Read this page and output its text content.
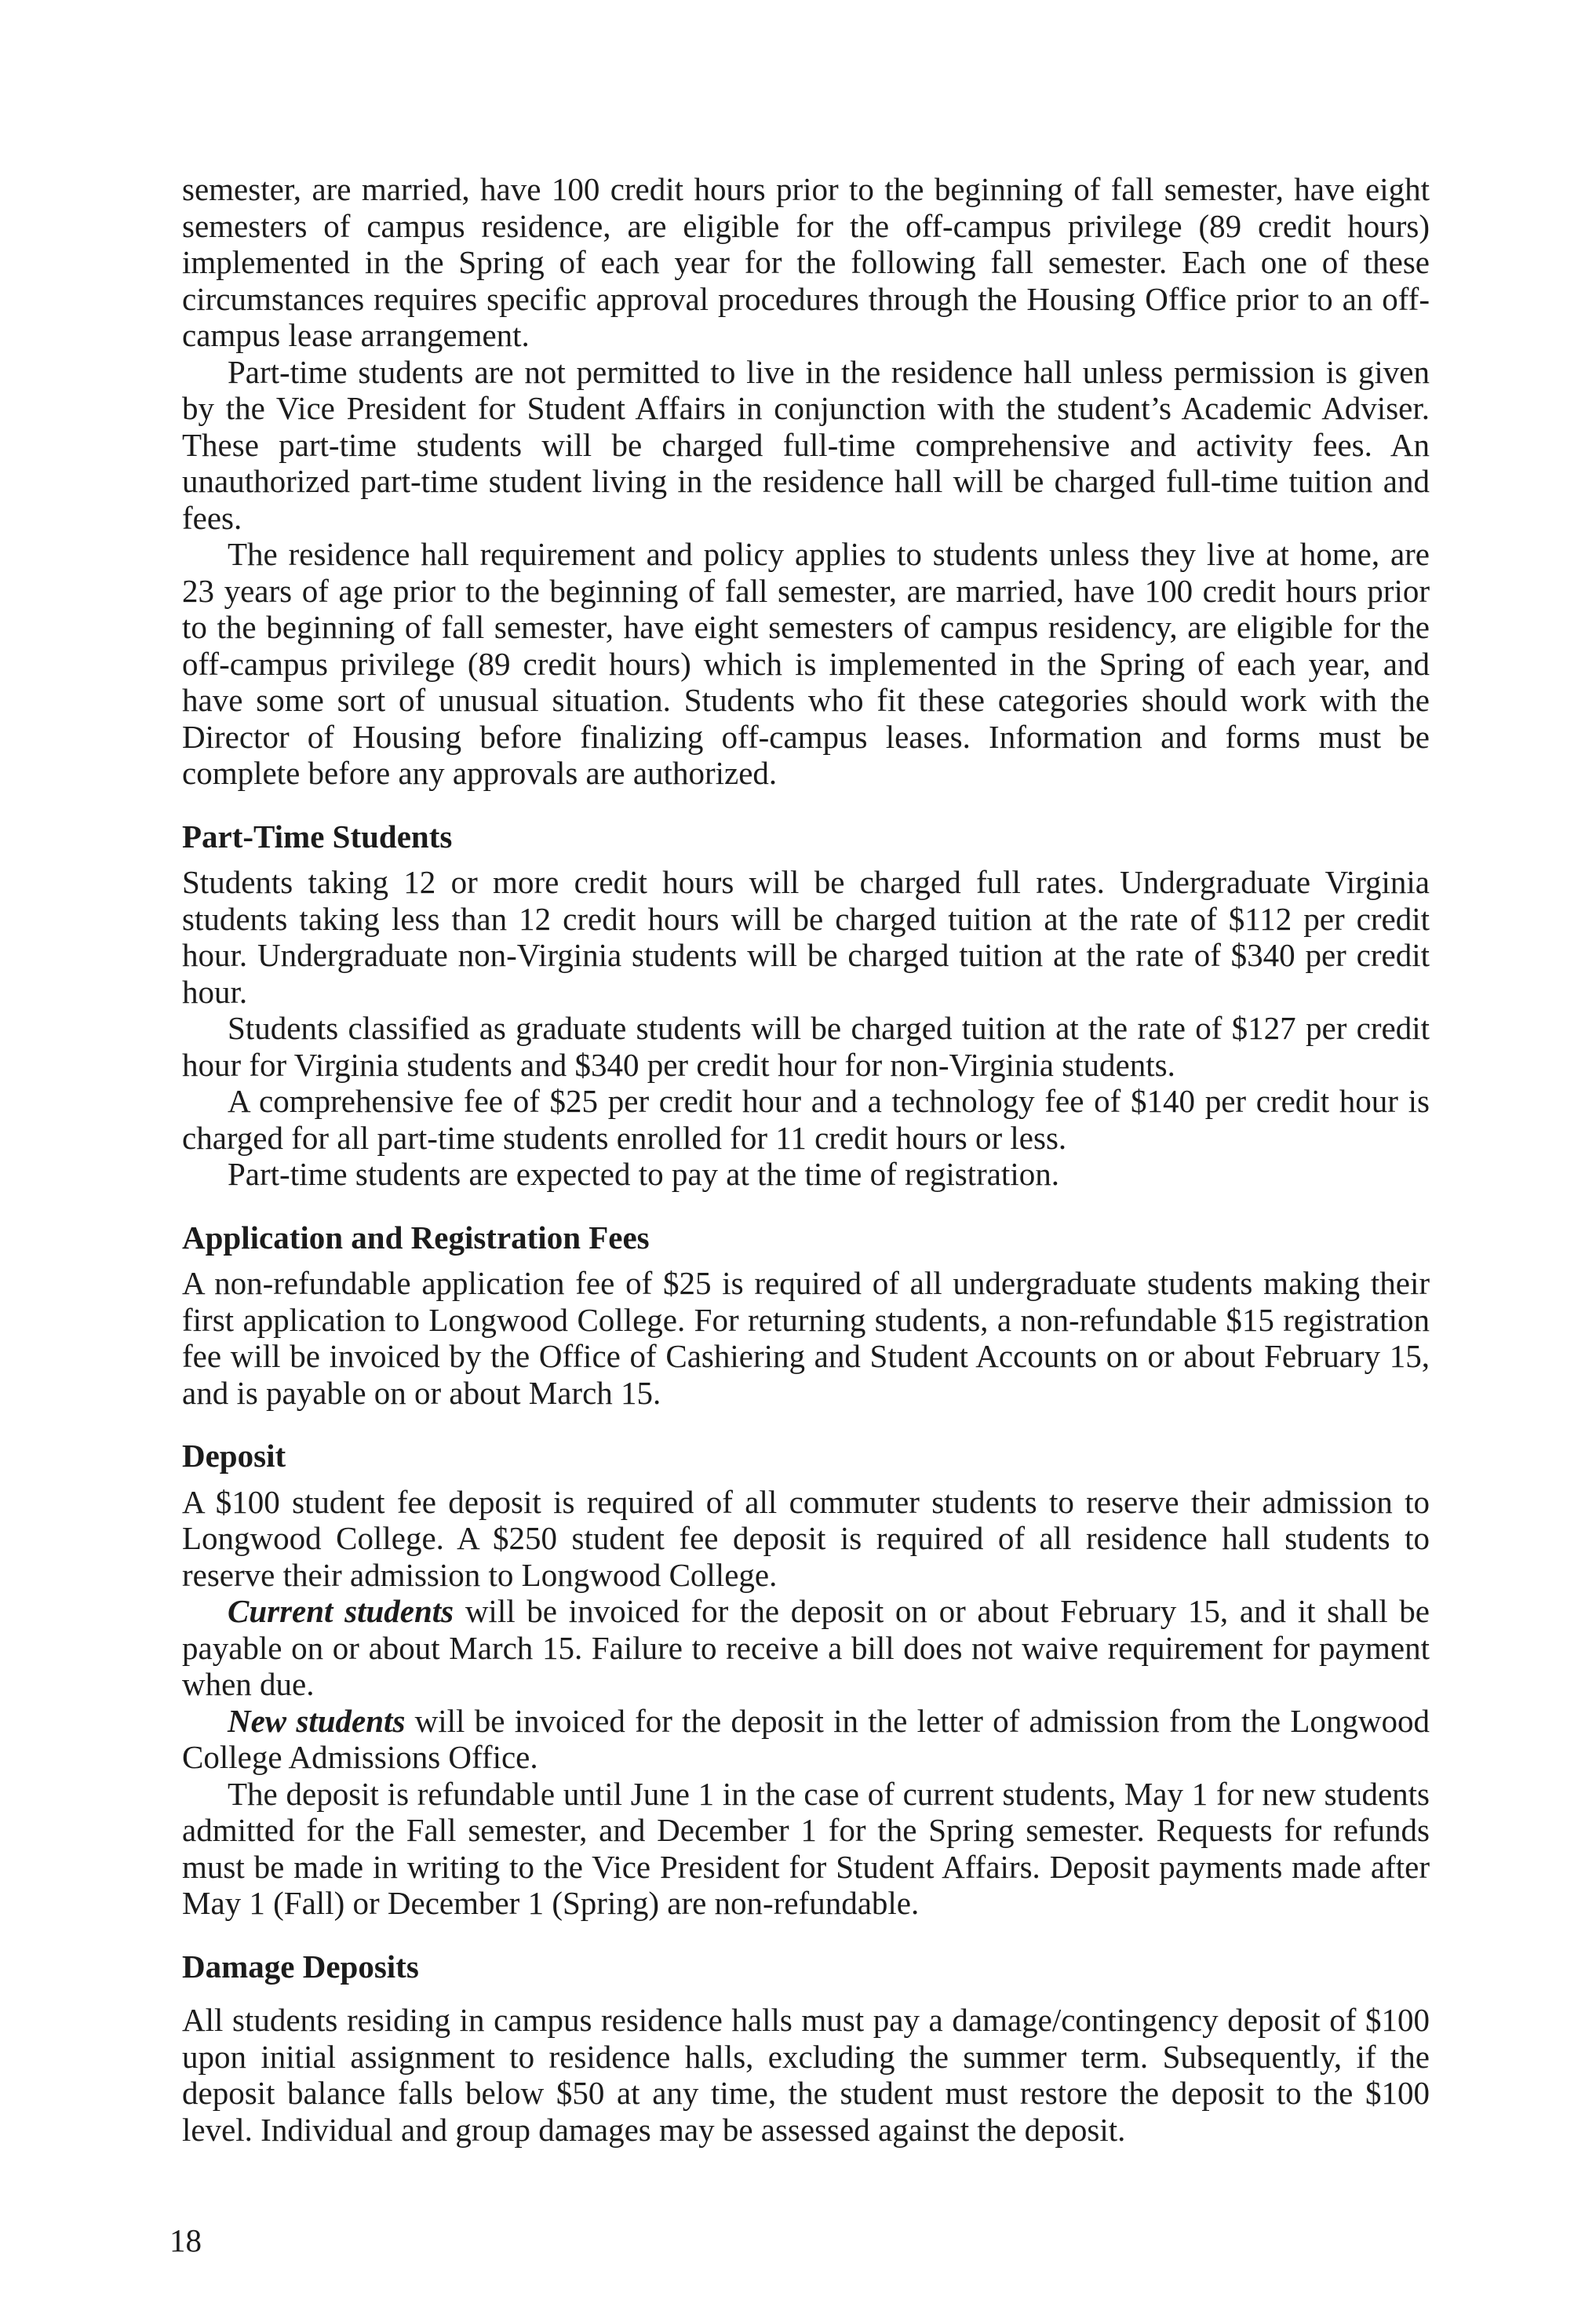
semester, are married, have 100 credit hours prior to the beginning of fall semester, have eight semesters of campus residence, are eligible for the off-campus privilege (89 credit hours) implemented in the Spring of each year for the following fall semester. Each one of these circumstances requires specific approval procedures through the Housing Office prior to an off-campus lease arrangement.

Part-time students are not permitted to live in the residence hall unless permission is given by the Vice President for Student Affairs in conjunction with the student’s Academic Adviser. These part-time students will be charged full-time comprehensive and activity fees. An unauthorized part-time student living in the residence hall will be charged full-time tuition and fees.

The residence hall requirement and policy applies to students unless they live at home, are 23 years of age prior to the beginning of fall semester, are married, have 100 credit hours prior to the beginning of fall semester, have eight semesters of campus residency, are eligible for the off-campus privilege (89 credit hours) which is implemented in the Spring of each year, and have some sort of unusual situation. Students who fit these categories should work with the Director of Housing before finalizing off-campus leases. Information and forms must be complete before any approvals are authorized.

Part-Time Students

Students taking 12 or more credit hours will be charged full rates. Undergraduate Virginia students taking less than 12 credit hours will be charged tuition at the rate of $112 per credit hour. Undergraduate non-Virginia students will be charged tuition at the rate of $340 per credit hour.

Students classified as graduate students will be charged tuition at the rate of $127 per credit hour for Virginia students and $340 per credit hour for non-Virginia students.

A comprehensive fee of $25 per credit hour and a technology fee of $140 per credit hour is charged for all part-time students enrolled for 11 credit hours or less.

Part-time students are expected to pay at the time of registration.

Application and Registration Fees

A non-refundable application fee of $25 is required of all undergraduate students making their first application to Longwood College. For returning students, a non-refundable $15 registration fee will be invoiced by the Office of Cashiering and Student Accounts on or about February 15, and is payable on or about March 15.

Deposit

A $100 student fee deposit is required of all commuter students to reserve their admission to Longwood College. A $250 student fee deposit is required of all residence hall students to reserve their admission to Longwood College.

Current students will be invoiced for the deposit on or about February 15, and it shall be payable on or about March 15. Failure to receive a bill does not waive requirement for payment when due.

New students will be invoiced for the deposit in the letter of admission from the Longwood College Admissions Office.

The deposit is refundable until June 1 in the case of current students, May 1 for new students admitted for the Fall semester, and December 1 for the Spring semester. Requests for refunds must be made in writing to the Vice President for Student Affairs. Deposit payments made after May 1 (Fall) or December 1 (Spring) are non-refundable.

Damage Deposits

All students residing in campus residence halls must pay a damage/contingency deposit of $100 upon initial assignment to residence halls, excluding the summer term. Subsequently, if the deposit balance falls below $50 at any time, the student must restore the deposit to the $100 level. Individual and group damages may be assessed against the deposit.

18
